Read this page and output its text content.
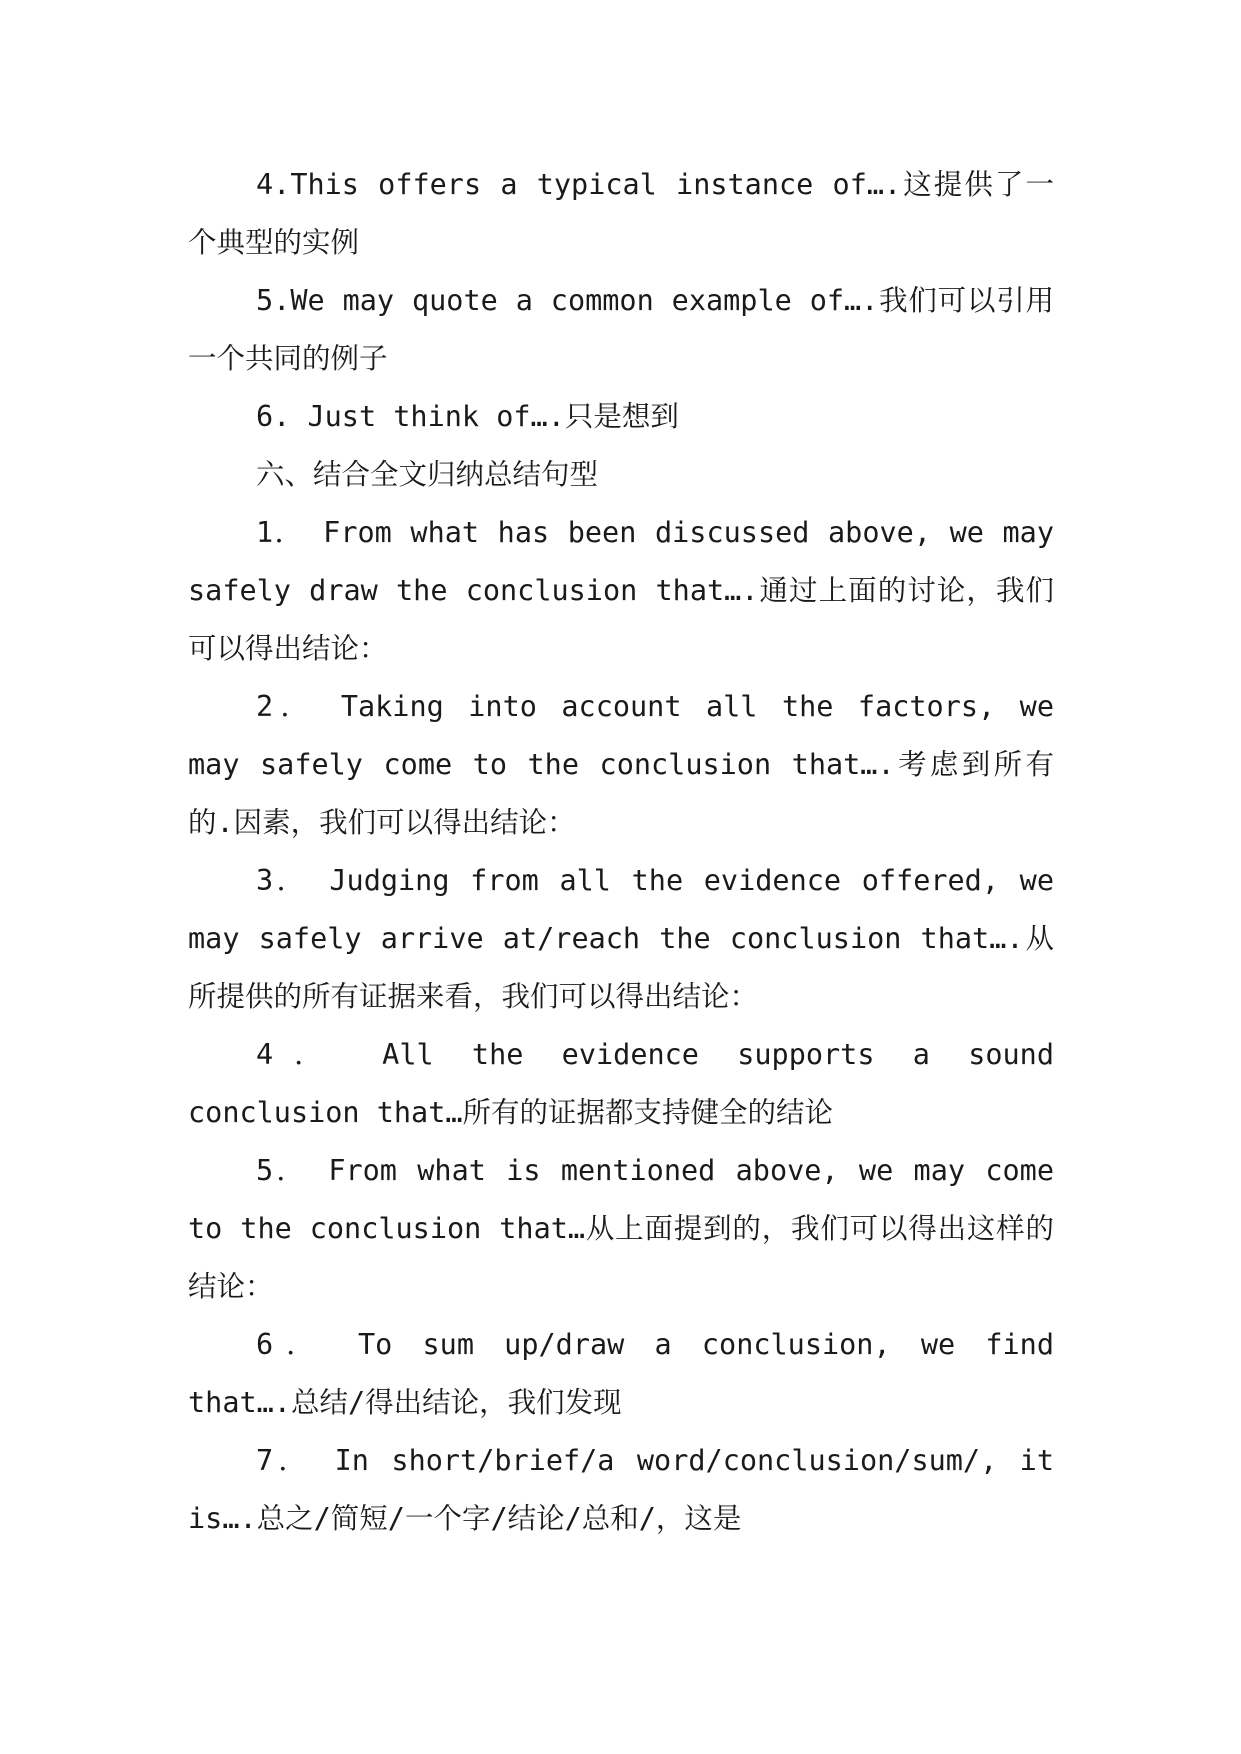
4.This offers a typical instance of….这提供了一个典型的实例

5.We may quote a common example of….我们可以引用一个共同的例子

6. Just think of….只是想到

六、结合全文归纳总结句型

1． From what has been discussed above, we may safely draw the conclusion that….通过上面的讨论，我们可以得出结论：

2． Taking into account all the factors, we may safely come to the conclusion that….考虑到所有的.因素，我们可以得出结论：

3． Judging from all the evidence offered, we may safely arrive at/reach the conclusion that….从所提供的所有证据来看，我们可以得出结论：

4． All the evidence supports a sound conclusion that…所有的证据都支持健全的结论

5． From what is mentioned above, we may come to the conclusion that…从上面提到的，我们可以得出这样的结论：

6． To sum up/draw a conclusion, we find that….总结/得出结论，我们发现

7． In short/brief/a word/conclusion/sum/, it is….总之/简短/一个字/结论/总和/，这是
